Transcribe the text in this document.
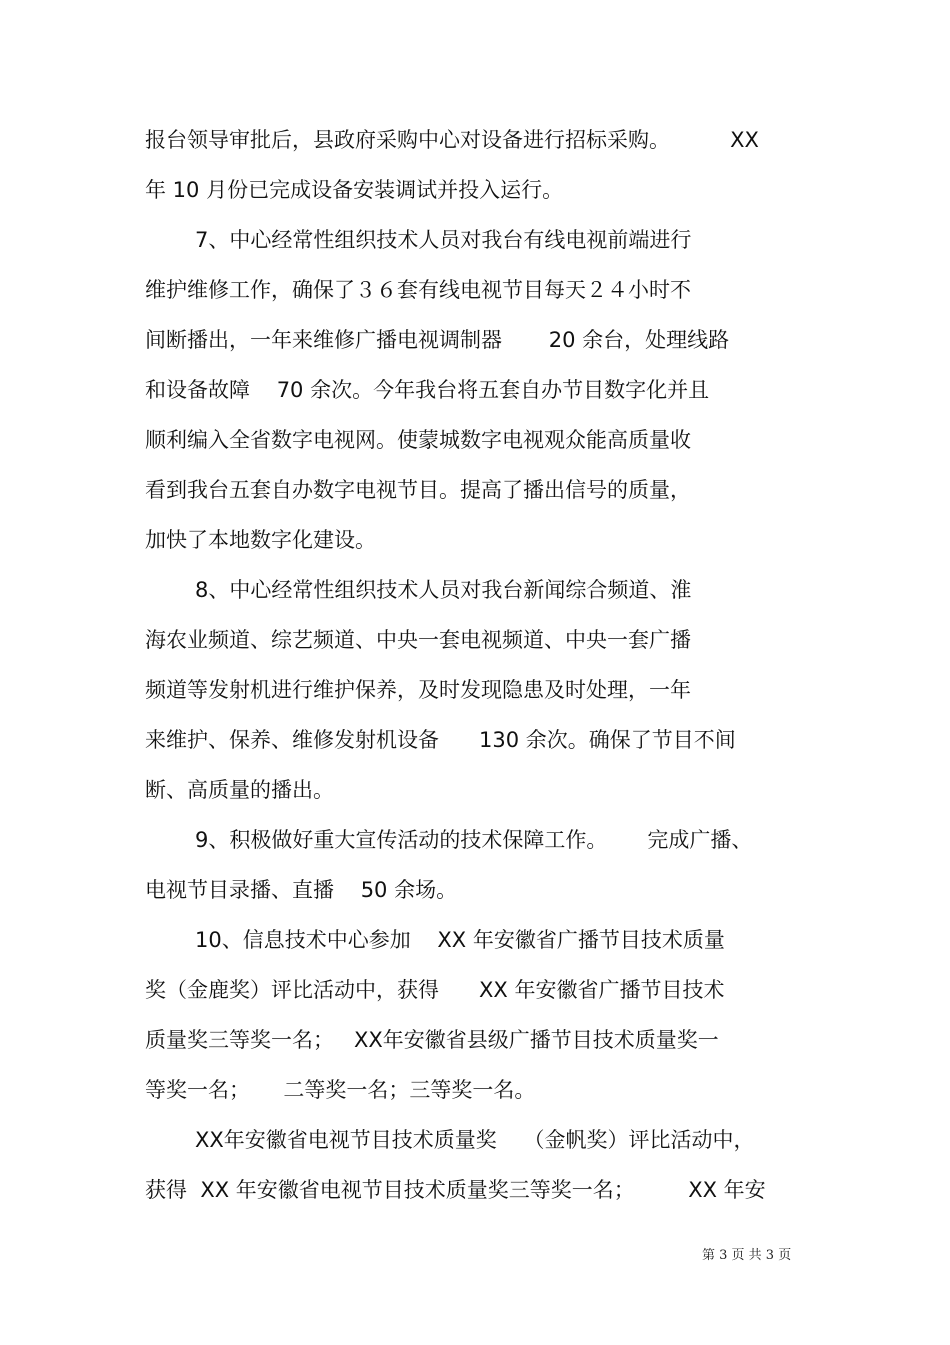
报台领导审批后，县政府采购中心对设备进行招标采购。         XX
年 10 月份已完成设备安装调试并投入运行。
7、中心经常性组织技术人员对我台有线电视前端进行
维护维修工作，确保了３６套有线电视节目每天２４小时不
间断播出，一年来维修广播电视调制器       20 余台，处理线路
和设备故障    70 余次。今年我台将五套自办节目数字化并且
顺利编入全省数字电视网。使蒙城数字电视观众能高质量收
看到我台五套自办数字电视节目。提高了播出信号的质量，
加快了本地数字化建设。
8、中心经常性组织技术人员对我台新闻综合频道、淮
海农业频道、综艺频道、中央一套电视频道、中央一套广播
频道等发射机进行维护保养，及时发现隐患及时处理，一年
来维护、保养、维修发射机设备      130 余次。确保了节目不间
断、高质量的播出。
9、积极做好重大宣传活动的技术保障工作。      完成广播、
电视节目录播、直播    50 余场。
10、信息技术中心参加    XX 年安徽省广播节目技术质量
奖（金鹿奖）评比活动中，获得      XX 年安徽省广播节目技术
质量奖三等奖一名；   XX年安徽省县级广播节目技术质量奖一
等奖一名；     二等奖一名；三等奖一名。
XX年安徽省电视节目技术质量奖    （金帆奖）评比活动中，
获得  XX 年安徽省电视节目技术质量奖三等奖一名；        XX 年安
第 3 页 共 3 页
